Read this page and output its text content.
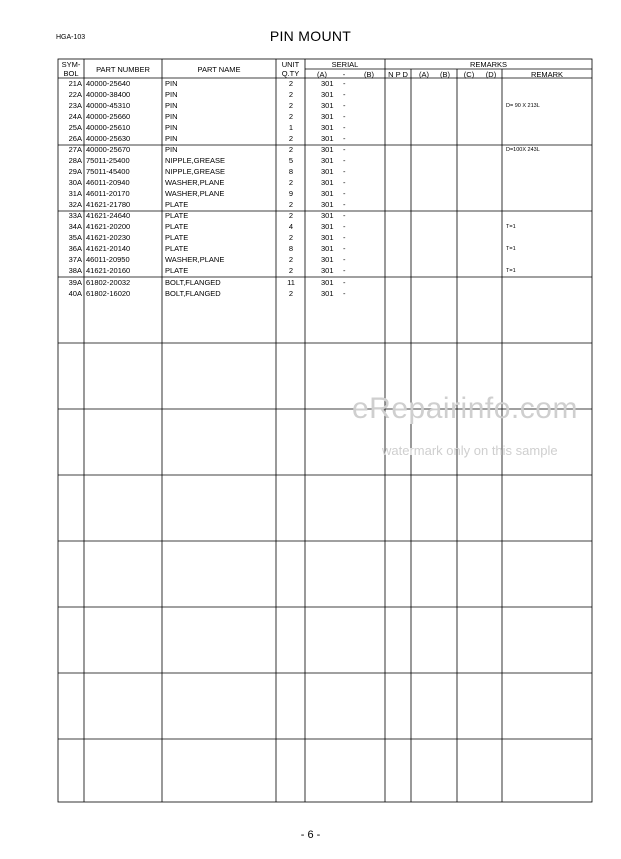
HGA-103	PIN MOUNT
SYM-
BOL	PART NUMBER	PART NAME
UNIT
Q.TY
SERIAL
(A)	-	(B)
REMARKS
N P D	(A)	(B)	(C)	(D)	REMARK
21A 40000-25640	PIN	2	301 -
22A 40000-38400	PIN	2	301 -
23A 40000-45310	PIN	2	301 -	D= 90 X 213L
24A 40000-25660	PIN	2	301 -
25A 40000-25610	PIN	1	301 -
26A 40000-25630	PIN	2	301 -
27A 40000-25670	PIN	2	301 -	D=100X 243L
28A 75011-25400	NIPPLE,GREASE	5	301 -
29A 75011-45400	NIPPLE,GREASE	8	301 -
30A 46011-20940	WASHER,PLANE	2	301 -
31A 46011-20170	WASHER,PLANE	9	301 -
32A 41621-21780	PLATE	2	301 -
33A 41621-24640	PLATE	2	301 -
34A 41621-20200	PLATE	4	301 -	T=1
35A 41621-20230	PLATE	2	301 -
36A 41621-20140	PLATE	8	301 -	T=1
37A 46011-20950	WASHER,PLANE	2	301 -
38A 41621-20160	PLATE	2	301 -	T=1
39A 61802-20032	BOLT,FLANGED	11	301 -
40A 61802-16020	BOLT,FLANGED	2	301 -
eRepairinfo.com
watermark only on this sample
- 6 -
